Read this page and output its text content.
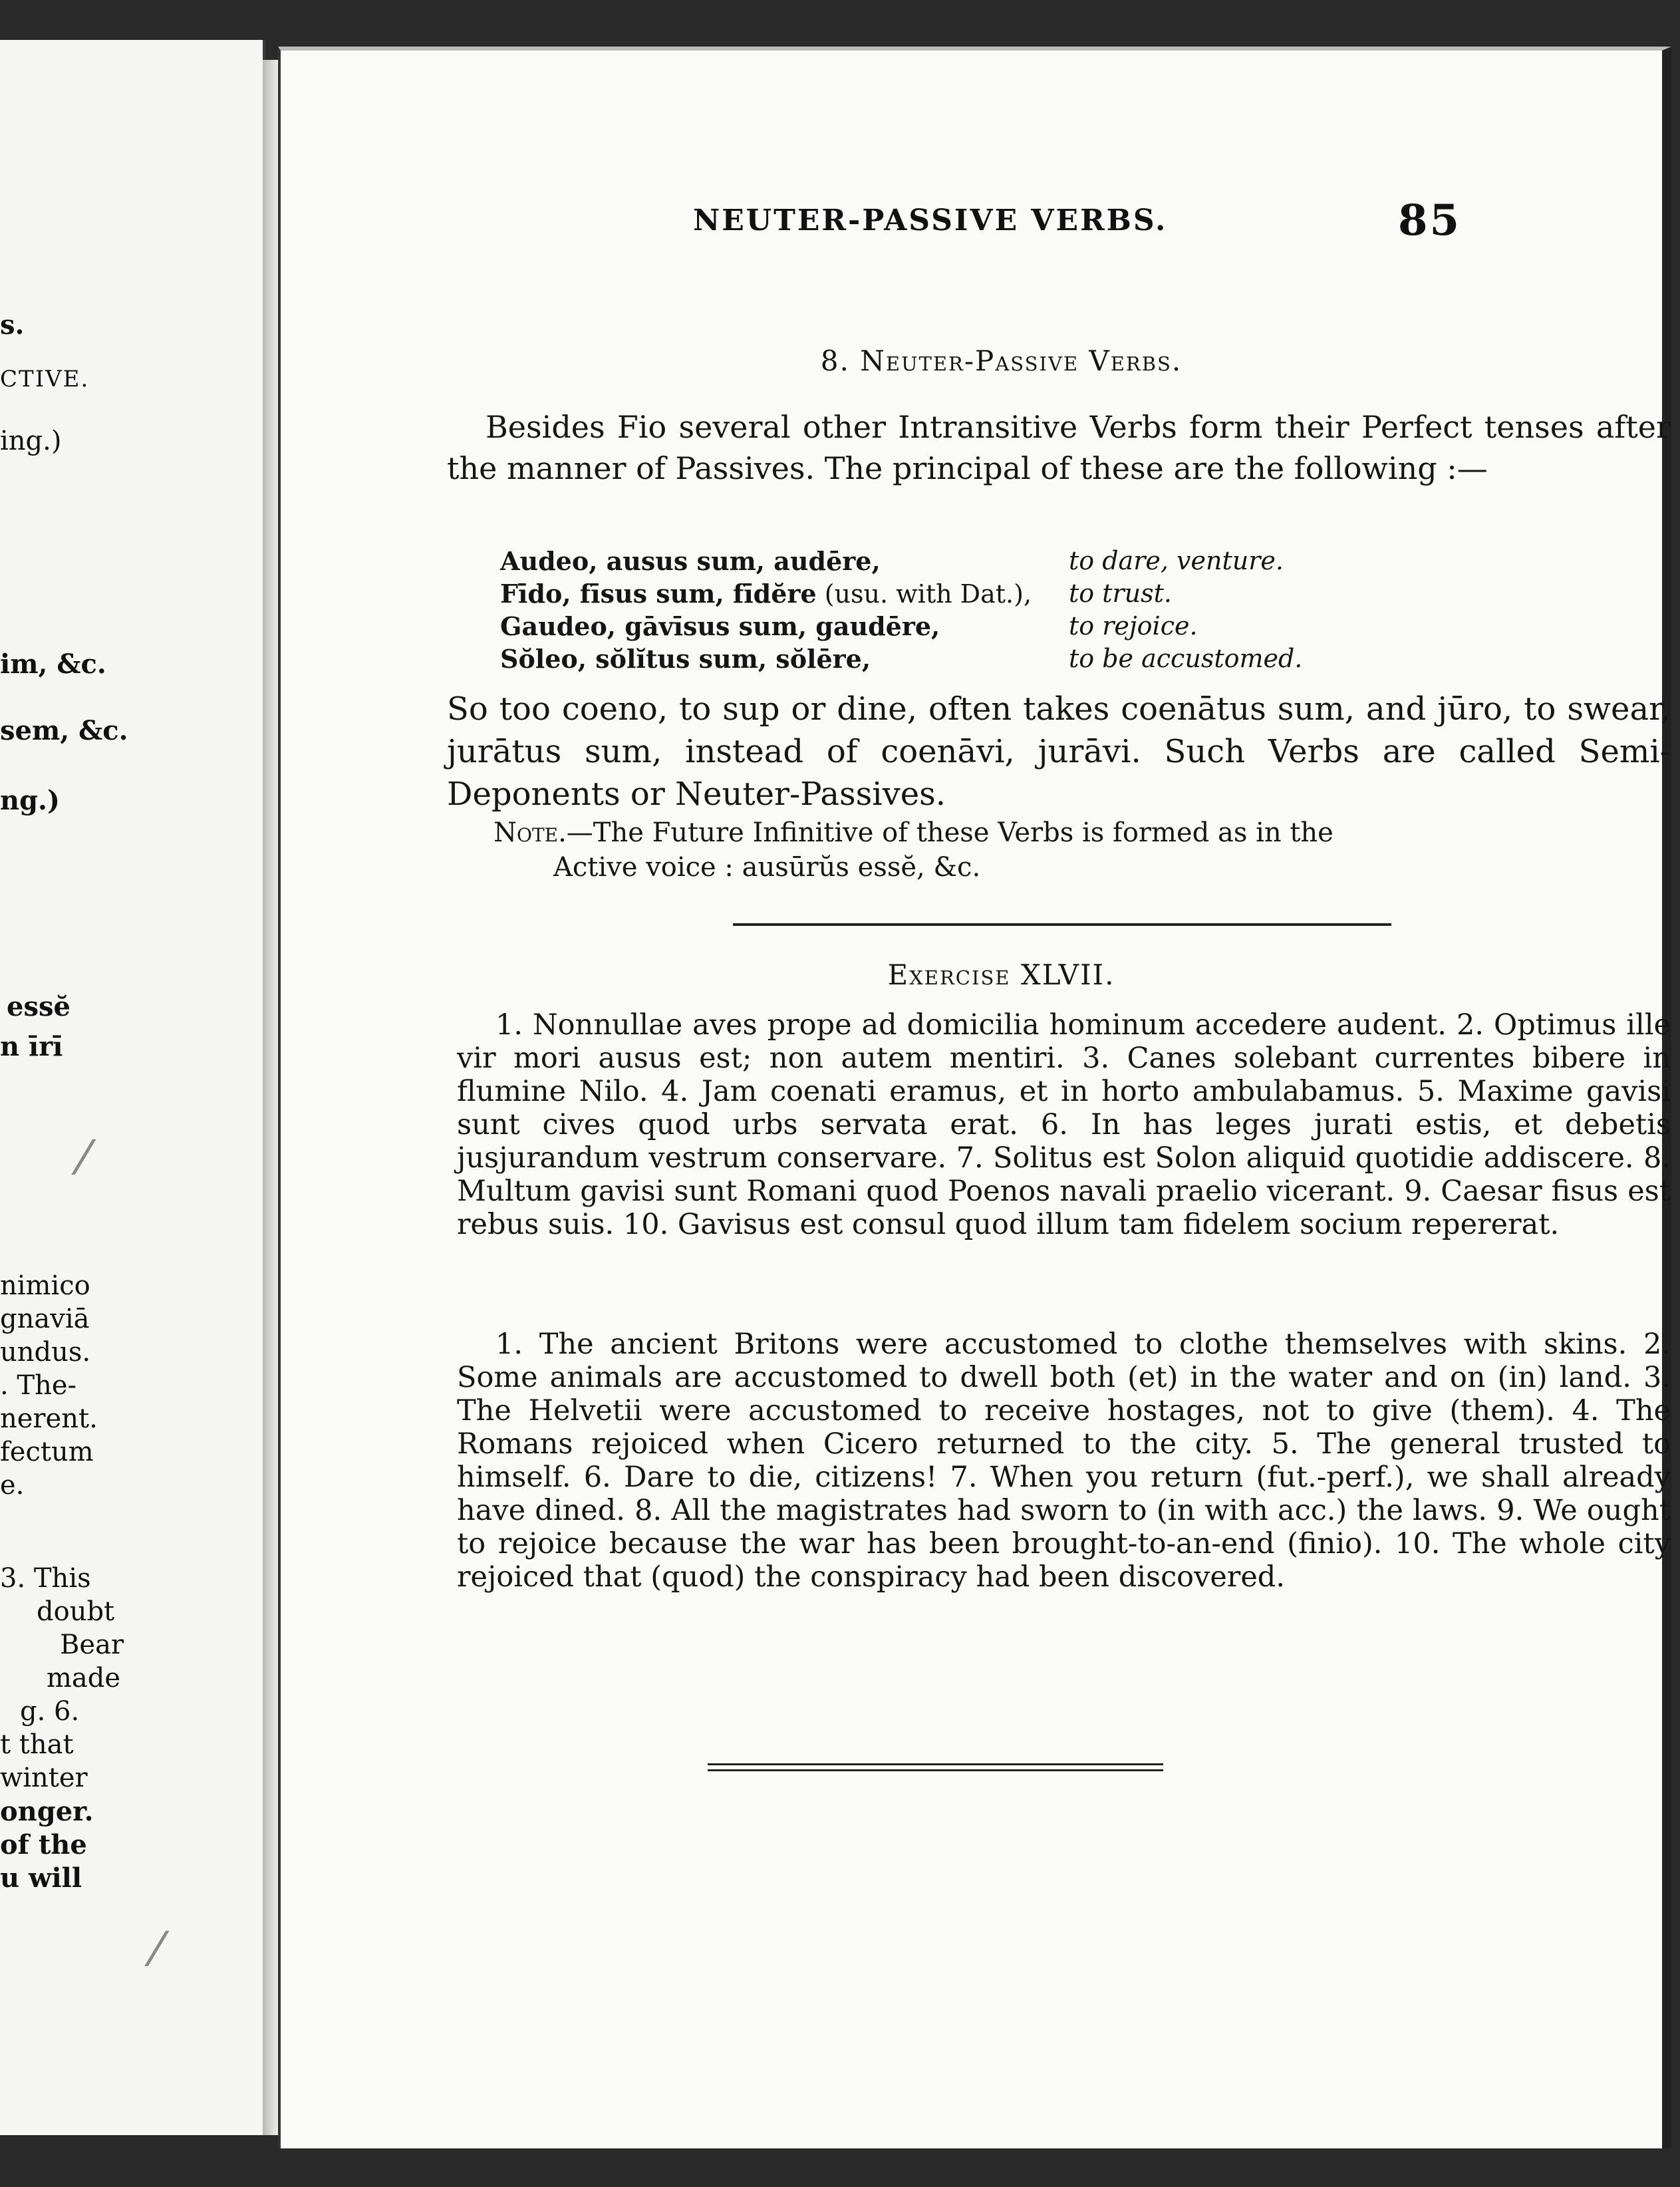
s.
CTIVE.
ing.)
im, &c.
sem, &c.
ng.)
essĕ
n īrī
nimico
gnaviā
undus.
. The-
nerent.
fectum
e.
3. This
doubt
Bear
made
g. 6.
t that
winter
onger.
of the
u will
⁄
⁄
NEUTER-PASSIVE VERBS.	85
8. Neuter-Passive Verbs.
Besides Fio several other Intransitive Verbs form their Perfect tenses after the manner of Passives. The principal of these are the following :—
Audeo, ausus sum, audēre,	to dare, venture.
Fīdo, fīsus sum, fīdĕre (usu. with Dat.), to trust.
Gaudeo, gāvīsus sum, gaudēre,	to rejoice.
Sŏleo, sŏlĭtus sum, sŏlēre,	to be accustomed.
So too coeno, to sup or dine, often takes coenātus sum, and jūro, to swear, jurātus sum, instead of coenāvi, jurāvi. Such Verbs are called Semi-Deponents or Neuter-Passives.
Note.—The Future Infinitive of these Verbs is formed as in the
Active voice : ausūrŭs essĕ, &c.
Exercise XLVII.
1. Nonnullae aves prope ad domicilia hominum accedere audent. 2. Optimus ille vir mori ausus est; non autem mentiri. 3. Canes solebant currentes bibere in flumine Nilo. 4. Jam coenati eramus, et in horto ambulabamus. 5. Maxime gavisi sunt cives quod urbs servata erat. 6. In has leges jurati estis, et debetis jusjurandum vestrum conservare. 7. Solitus est Solon aliquid quotidie addiscere. 8. Multum gavisi sunt Romani quod Poenos navali praelio vicerant. 9. Caesar fisus est rebus suis. 10. Gavisus est consul quod illum tam fidelem socium repererat.
1. The ancient Britons were accustomed to clothe themselves with skins. 2. Some animals are accustomed to dwell both (et) in the water and on (in) land. 3. The Helvetii were accustomed to receive hostages, not to give (them). 4. The Romans rejoiced when Cicero returned to the city. 5. The general trusted to himself. 6. Dare to die, citizens! 7. When you return (fut.-perf.), we shall already have dined. 8. All the magistrates had sworn to (in with acc.) the laws. 9. We ought to rejoice because the war has been brought-to-an-end (finio). 10. The whole city rejoiced that (quod) the conspiracy had been discovered.
